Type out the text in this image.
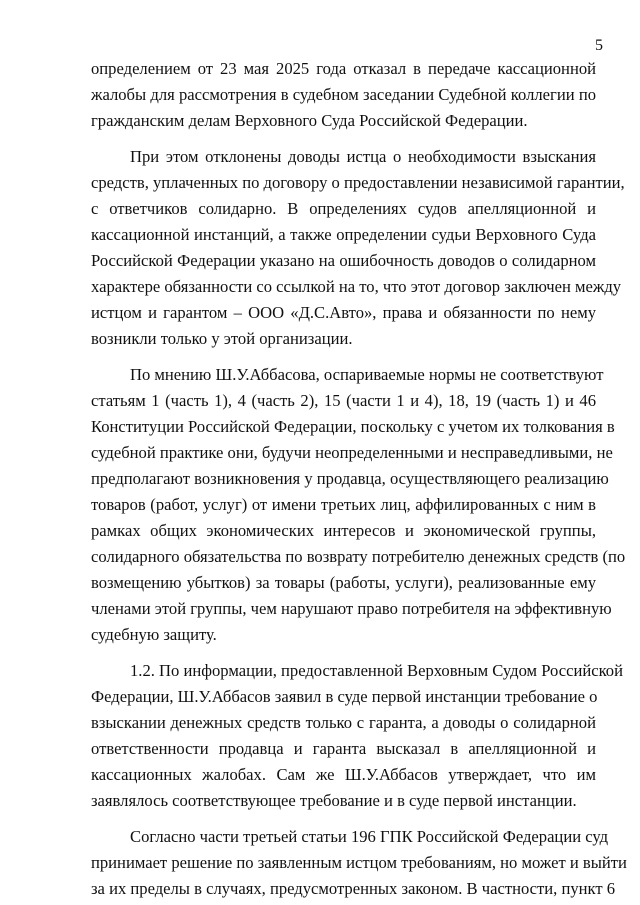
5
определением от 23 мая 2025 года отказал в передаче кассационной
жалобы для рассмотрения в судебном заседании Судебной коллегии по
гражданским делам Верховного Суда Российской Федерации.
При этом отклонены доводы истца о необходимости взыскания
средств, уплаченных по договору о предоставлении независимой гарантии,
с ответчиков солидарно. В определениях судов апелляционной и
кассационной инстанций, а также определении судьи Верховного Суда
Российской Федерации указано на ошибочность доводов о солидарном
характере обязанности со ссылкой на то, что этот договор заключен между
истцом и гарантом – ООО «Д.С.Авто», права и обязанности по нему
возникли только у этой организации.
По мнению Ш.У.Аббасова, оспариваемые нормы не соответствуют
статьям 1 (часть 1), 4 (часть 2), 15 (части 1 и 4), 18, 19 (часть 1) и 46
Конституции Российской Федерации, поскольку с учетом их толкования в
судебной практике они, будучи неопределенными и несправедливыми, не
предполагают возникновения у продавца, осуществляющего реализацию
товаров (работ, услуг) от имени третьих лиц, аффилированных с ним в
рамках общих экономических интересов и экономической группы,
солидарного обязательства по возврату потребителю денежных средств (по
возмещению убытков) за товары (работы, услуги), реализованные ему
членами этой группы, чем нарушают право потребителя на эффективную
судебную защиту.
1.2. По информации, предоставленной Верховным Судом Российской
Федерации, Ш.У.Аббасов заявил в суде первой инстанции требование о
взыскании денежных средств только с гаранта, а доводы о солидарной
ответственности продавца и гаранта высказал в апелляционной и
кассационных жалобах. Сам же Ш.У.Аббасов утверждает, что им
заявлялось соответствующее требование и в суде первой инстанции.
Согласно части третьей статьи 196 ГПК Российской Федерации суд
принимает решение по заявленным истцом требованиям, но может и выйти
за их пределы в случаях, предусмотренных законом. В частности, пункт 6
